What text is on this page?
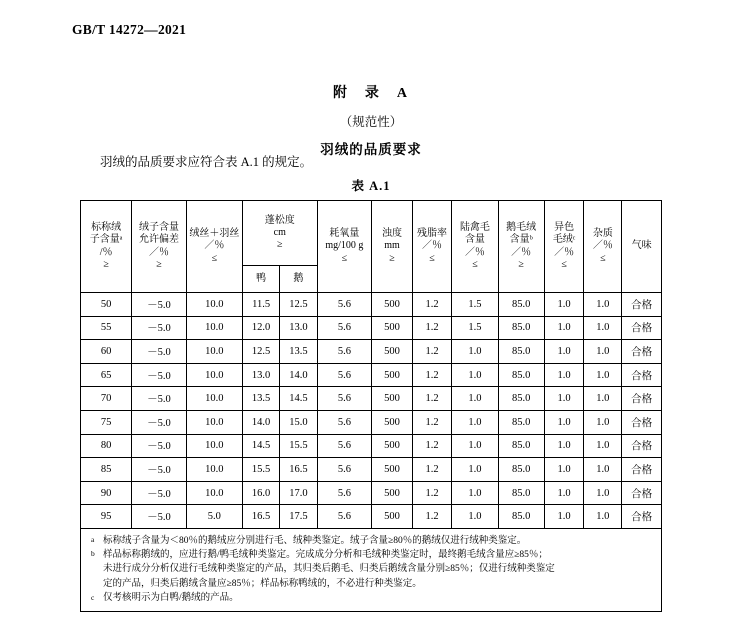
GB/T 14272—2021
附　录　A
（规范性）
羽绒的品质要求
羽绒的品质要求应符合表 A.1 的规定。
表 A.1
标称绒
子含量ᵃ
/％
≥	绒子含量
允许偏差
／％
≥	绒丝＋羽丝
／％
≤	蓬松度
cm
≥		耗氧量
mg/100 g
≤	浊度
mm
≥	残脂率
／％
≤	陆禽毛
含量
／％
≤	鹅毛绒
含量ᵇ
／％
≥	异色
毛绒ᶜ
／％
≤	杂质
／％
≤	气味

			鸭	鹅								
50	－5.0	10.0	11.5	12.5	5.6	500	1.2	1.5	85.0	1.0	1.0	合格
55	－5.0	10.0	12.0	13.0	5.6	500	1.2	1.5	85.0	1.0	1.0	合格
60	－5.0	10.0	12.5	13.5	5.6	500	1.2	1.0	85.0	1.0	1.0	合格
65	－5.0	10.0	13.0	14.0	5.6	500	1.2	1.0	85.0	1.0	1.0	合格
70	－5.0	10.0	13.5	14.5	5.6	500	1.2	1.0	85.0	1.0	1.0	合格
75	－5.0	10.0	14.0	15.0	5.6	500	1.2	1.0	85.0	1.0	1.0	合格
80	－5.0	10.0	14.5	15.5	5.6	500	1.2	1.0	85.0	1.0	1.0	合格
85	－5.0	10.0	15.5	16.5	5.6	500	1.2	1.0	85.0	1.0	1.0	合格
90	－5.0	10.0	16.0	17.0	5.6	500	1.2	1.0	85.0	1.0	1.0	合格
95	－5.0	5.0	16.5	17.5	5.6	500	1.2	1.0	85.0	1.0	1.0	合格
a 标称绒子含量为＜80％的鹅绒应分别进行毛、绒种类鉴定。绒子含量≥80％的鹅绒仅进行绒种类鉴定。
b 样品标称鹅绒的，应进行鹅/鸭毛绒种类鉴定。完成成分分析和毛绒种类鉴定时，最终鹅毛绒含量应≥85％；
未进行成分分析仅进行毛绒种类鉴定的产品，其归类后鹅毛、归类后鹅绒含量分别≥85％；仅进行绒种类鉴定
定的产品，归类后鹅绒含量应≥85％；样品标称鸭绒的，不必进行种类鉴定。
c 仅考核明示为白鸭/鹅绒的产品。
